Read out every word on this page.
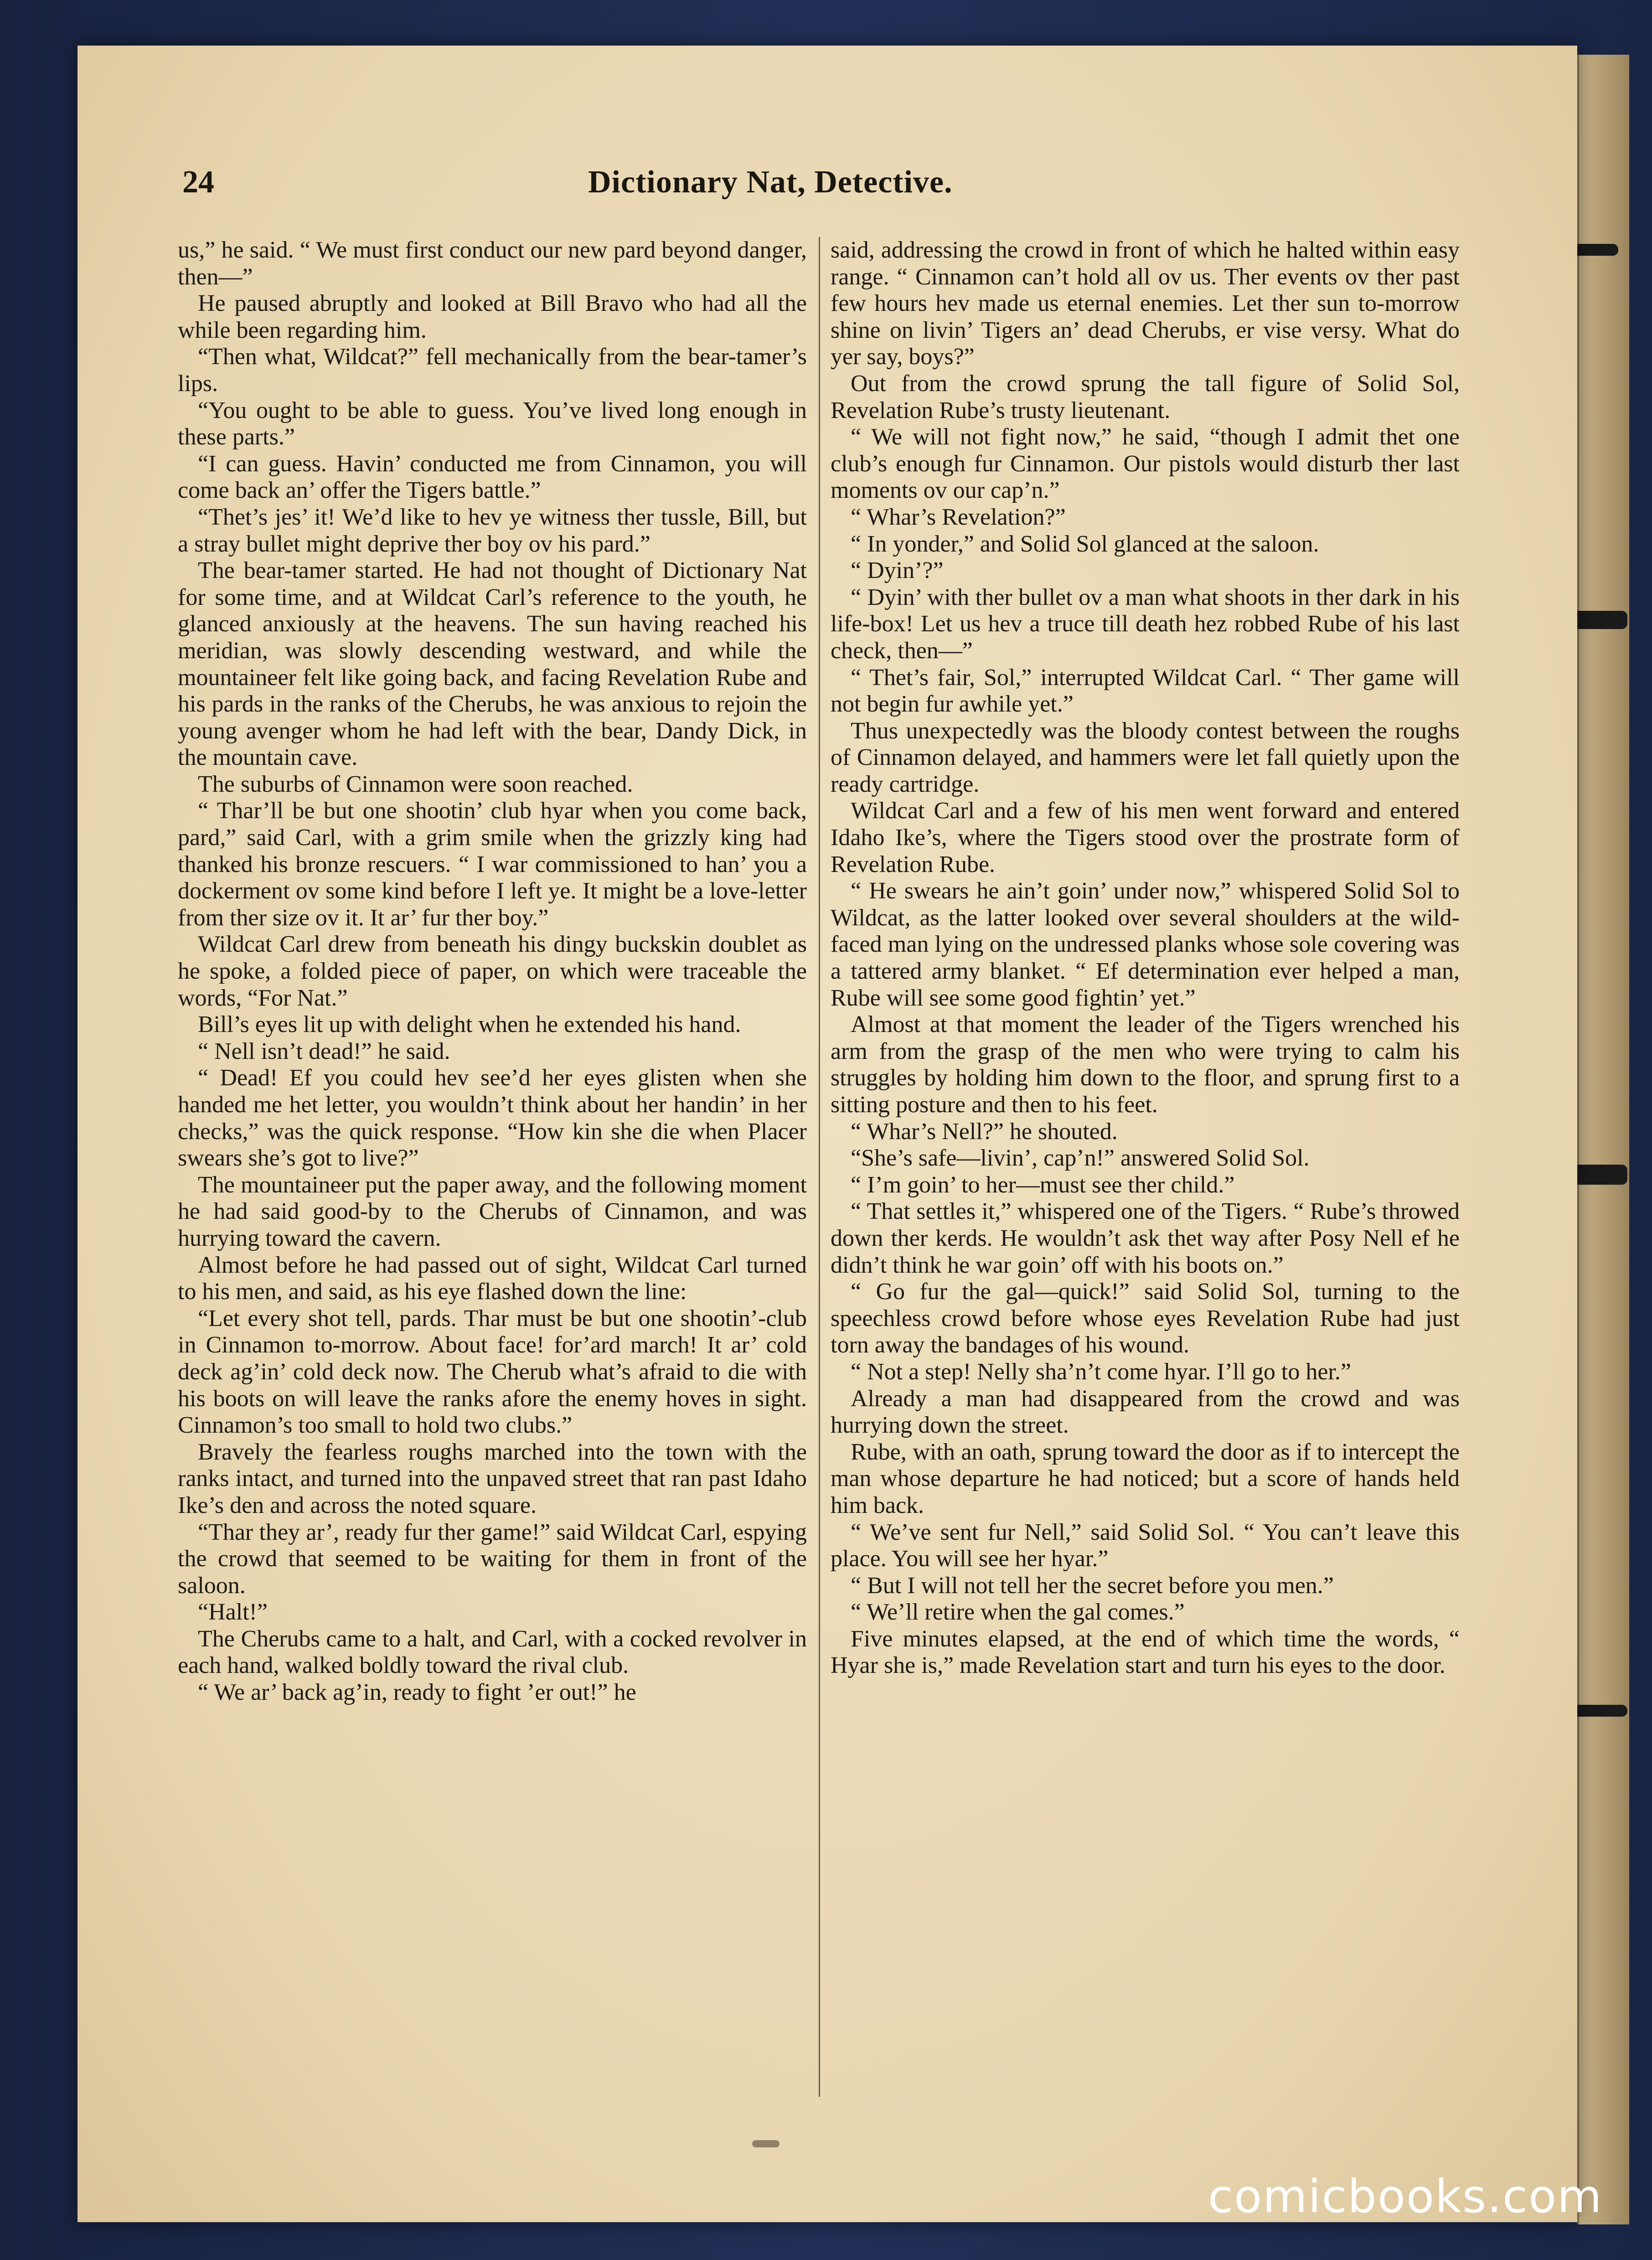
24	Dictionary Nat, Detective.

us,” he said. “ We must first conduct our new pard beyond danger, then—”

He paused abruptly and looked at Bill Bravo who had all the while been regarding him.

“Then what, Wildcat?” fell mechanically from the bear-tamer’s lips.

“You ought to be able to guess. You’ve lived long enough in these parts.”

“I can guess. Havin’ conducted me from Cinnamon, you will come back an’ offer the Tigers battle.”

“Thet’s jes’ it! We’d like to hev ye witness ther tussle, Bill, but a stray bullet might deprive ther boy ov his pard.”

The bear-tamer started. He had not thought of Dictionary Nat for some time, and at Wildcat Carl’s reference to the youth, he glanced anxiously at the heavens. The sun having reached his meridian, was slowly descending westward, and while the mountaineer felt like going back, and facing Revelation Rube and his pards in the ranks of the Cherubs, he was anxious to rejoin the young avenger whom he had left with the bear, Dandy Dick, in the mountain cave.

The suburbs of Cinnamon were soon reached.

“ Thar’ll be but one shootin’ club hyar when you come back, pard,” said Carl, with a grim smile when the grizzly king had thanked his bronze rescuers. “ I war commissioned to han’ you a dockerment ov some kind before I left ye. It might be a love-letter from ther size ov it. It ar’ fur ther boy.”

Wildcat Carl drew from beneath his dingy buckskin doublet as he spoke, a folded piece of paper, on which were traceable the words, “For Nat.”

Bill’s eyes lit up with delight when he extended his hand.

“ Nell isn’t dead!” he said.

“ Dead! Ef you could hev see’d her eyes glisten when she handed me het letter, you wouldn’t think about her handin’ in her checks,” was the quick response. “How kin she die when Placer swears she’s got to live?”

The mountaineer put the paper away, and the following moment he had said good-by to the Cherubs of Cinnamon, and was hurrying toward the cavern.

Almost before he had passed out of sight, Wildcat Carl turned to his men, and said, as his eye flashed down the line:

“Let every shot tell, pards. Thar must be but one shootin’-club in Cinnamon to-morrow. About face! for’ard march! It ar’ cold deck ag’in’ cold deck now. The Cherub what’s afraid to die with his boots on will leave the ranks afore the enemy hoves in sight. Cinnamon’s too small to hold two clubs.”

Bravely the fearless roughs marched into the town with the ranks intact, and turned into the unpaved street that ran past Idaho Ike’s den and across the noted square.

“Thar they ar’, ready fur ther game!” said Wildcat Carl, espying the crowd that seemed to be waiting for them in front of the saloon.

“Halt!”

The Cherubs came to a halt, and Carl, with a cocked revolver in each hand, walked boldly toward the rival club.

“ We ar’ back ag’in, ready to fight ’er out!” he

said, addressing the crowd in front of which he halted within easy range. “ Cinnamon can’t hold all ov us. Ther events ov ther past few hours hev made us eternal enemies. Let ther sun to-morrow shine on livin’ Tigers an’ dead Cherubs, er vise versy. What do yer say, boys?”

Out from the crowd sprung the tall figure of Solid Sol, Revelation Rube’s trusty lieutenant.

“ We will not fight now,” he said, “though I admit thet one club’s enough fur Cinnamon. Our pistols would disturb ther last moments ov our cap’n.”

“ Whar’s Revelation?”

“ In yonder,” and Solid Sol glanced at the saloon.

“ Dyin’?”

“ Dyin’ with ther bullet ov a man what shoots in ther dark in his life-box! Let us hev a truce till death hez robbed Rube of his last check, then—”

“ Thet’s fair, Sol,” interrupted Wildcat Carl. “ Ther game will not begin fur awhile yet.”

Thus unexpectedly was the bloody contest between the roughs of Cinnamon delayed, and hammers were let fall quietly upon the ready cartridge.

Wildcat Carl and a few of his men went forward and entered Idaho Ike’s, where the Tigers stood over the prostrate form of Revelation Rube.

“ He swears he ain’t goin’ under now,” whispered Solid Sol to Wildcat, as the latter looked over several shoulders at the wild-faced man lying on the undressed planks whose sole covering was a tattered army blanket. “ Ef determination ever helped a man, Rube will see some good fightin’ yet.”

Almost at that moment the leader of the Tigers wrenched his arm from the grasp of the men who were trying to calm his struggles by holding him down to the floor, and sprung first to a sitting posture and then to his feet.

“ Whar’s Nell?” he shouted.

“She’s safe—livin’, cap’n!” answered Solid Sol.

“ I’m goin’ to her—must see ther child.”

“ That settles it,” whispered one of the Tigers. “ Rube’s throwed down ther kerds. He wouldn’t ask thet way after Posy Nell ef he didn’t think he war goin’ off with his boots on.”

“ Go fur the gal—quick!” said Solid Sol, turning to the speechless crowd before whose eyes Revelation Rube had just torn away the bandages of his wound.

“ Not a step! Nelly sha’n’t come hyar. I’ll go to her.”

Already a man had disappeared from the crowd and was hurrying down the street.

Rube, with an oath, sprung toward the door as if to intercept the man whose departure he had noticed; but a score of hands held him back.

“ We’ve sent fur Nell,” said Solid Sol. “ You can’t leave this place. You will see her hyar.”

“ But I will not tell her the secret before you men.”

“ We’ll retire when the gal comes.”

Five minutes elapsed, at the end of which time the words, “ Hyar she is,” made Revelation start and turn his eyes to the door.

comicbooks.com
